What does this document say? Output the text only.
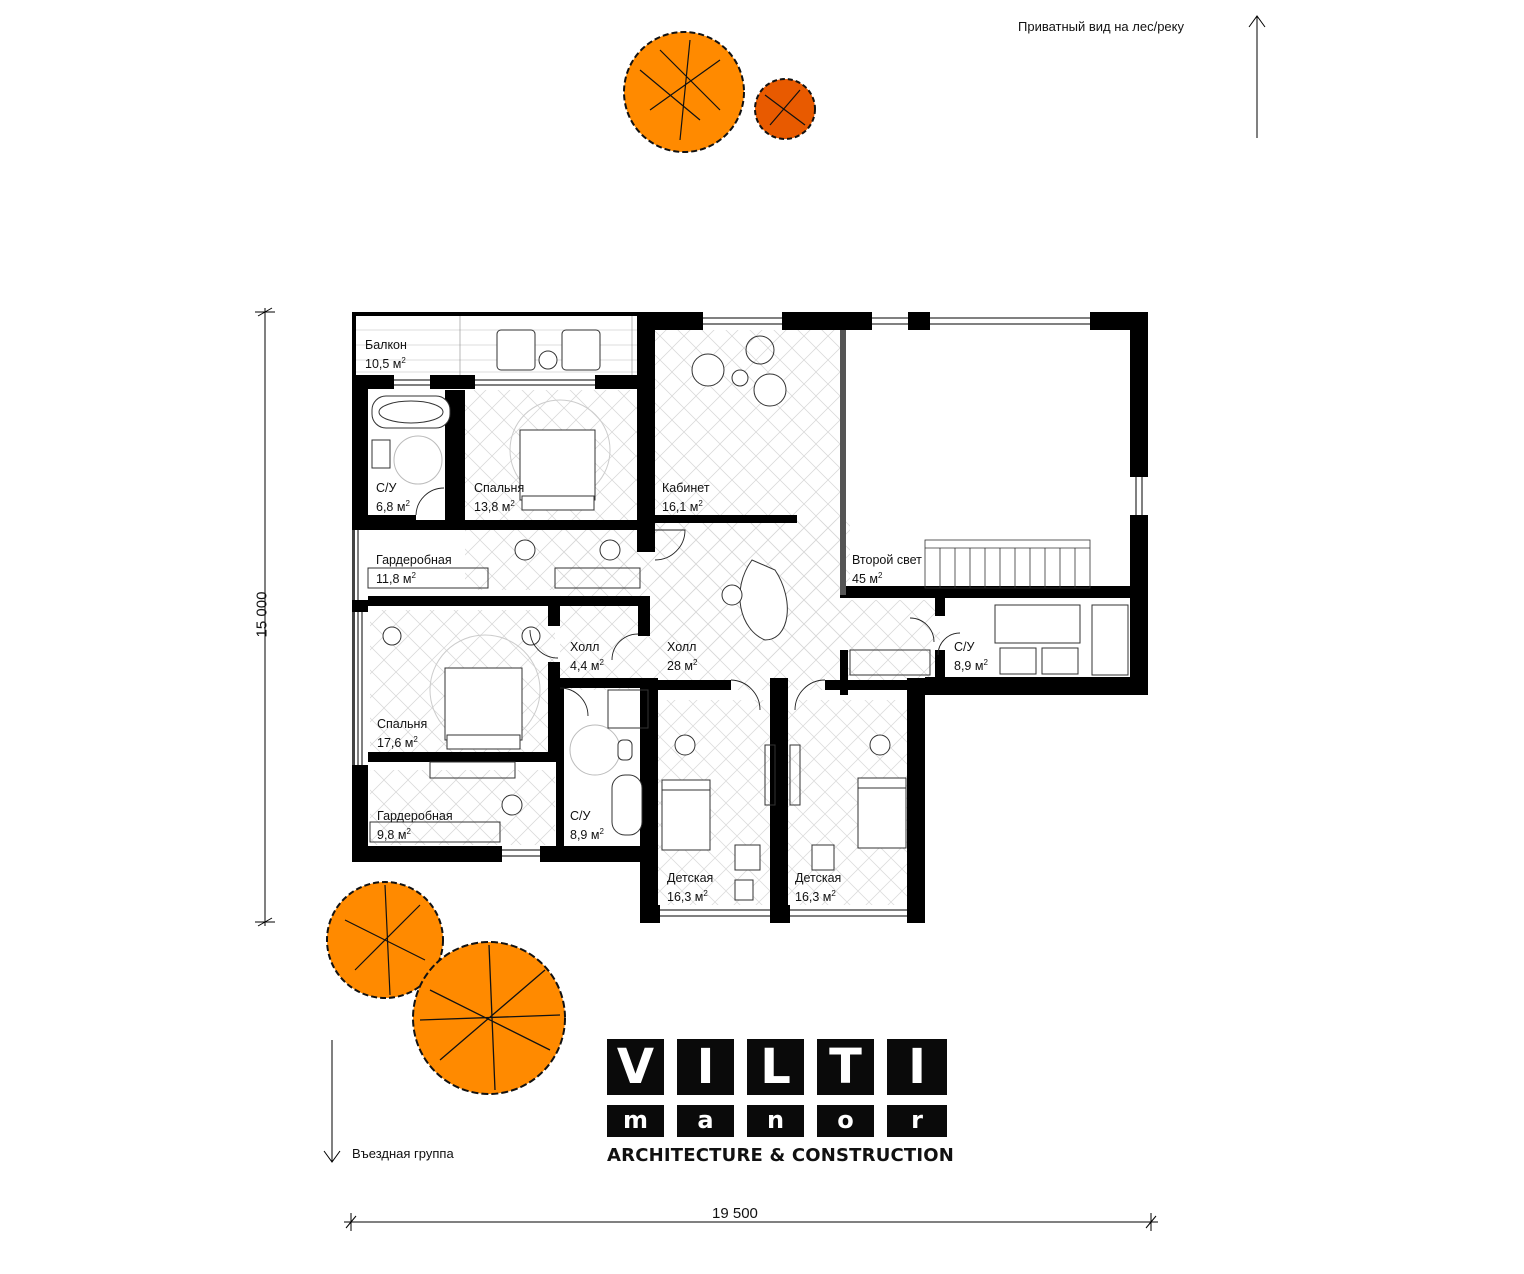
Балкон
10,5 $м^2$
С/У
6,8 $м^2$
Спальня
13,8 $м^2$
Кабинет
16,1 $м^2$
Гардеробная
11,8 $м^2$
Второй свет
45 $м^2$
Холл
4,4 $м^2$
Холл
28 $м^2$
С/У
8,9 $м^2$
Спальня
17,6 $м^2$
Гардеробная
9,8 $м^2$
С/У
8,9 $м^2$
Детская
16,3 $м^2$
Детская
16,3 $м^2$
Приватный вид на лес/реку
Въездная группа
15 000
19 500
V I L T I
m	a	n	o	r
ARCHITECTURE & CONSTRUCTION
